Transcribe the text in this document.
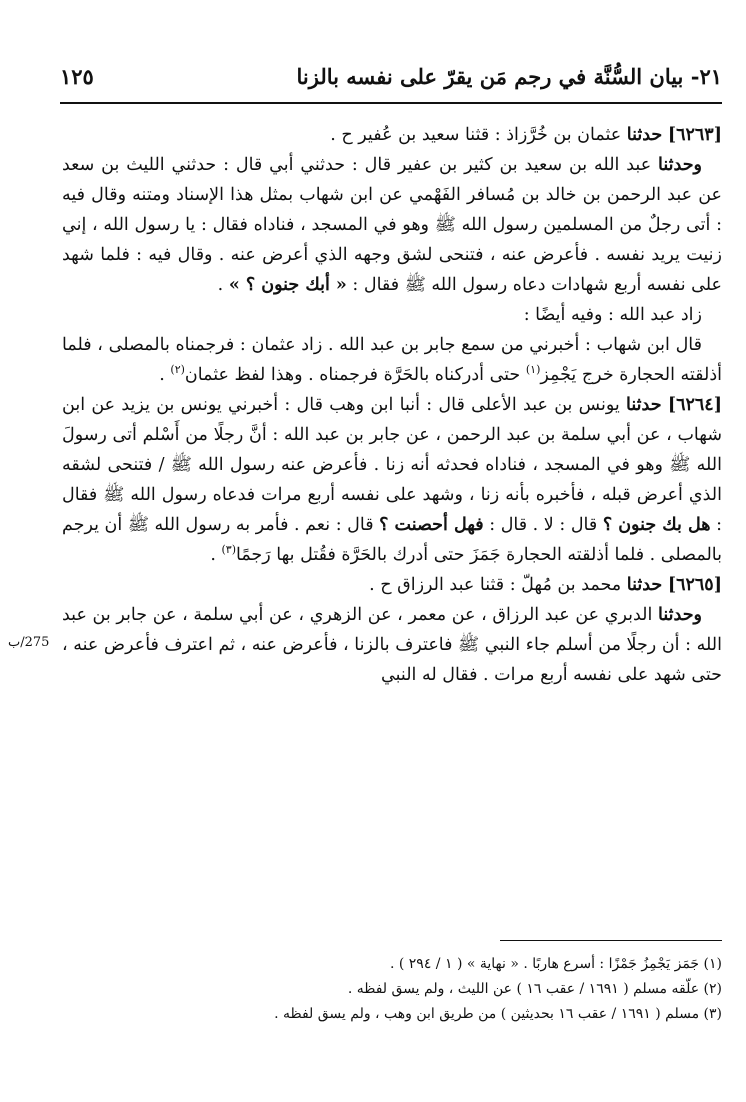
٢١- بيان السُّنَّة في رجم مَن يقرّ على نفسه بالزنا
١٢٥
275/ب

[٦٢٦٣] حدثنا عثمان بن خُرَّزاذ : قثنا سعيد بن عُفير ح .

وحدثنا عبد الله بن سعيد بن كثير بن عفير قال : حدثني أبي قال : حدثني الليث بن سعد عن عبد الرحمن بن خالد بن مُسافر الفَهْمي عن ابن شهاب بمثل هذا الإسناد ومتنه وقال فيه : أتى رجلٌ من المسلمين رسول الله ﷺ وهو في المسجد ، فناداه فقال : يا رسول الله ، إني زنيت يريد نفسه . فأعرض عنه ، فتنحى لشق وجهه الذي أعرض عنه . وقال فيه : فلما شهد على نفسه أربع شهادات دعاه رسول الله ﷺ فقال : « أبك جنون ؟ » .

زاد عبد الله : وفيه أيضًا :

قال ابن شهاب : أخبرني من سمع جابر بن عبد الله . زاد عثمان : فرجمناه بالمصلى ، فلما أذلقته الحجارة خرج يَجْمِز$^{(١)}$ حتى أدركناه بالحَرَّة فرجمناه . وهذا لفظ عثمان$^{(٢)}$ .

[٦٢٦٤] حدثنا يونس بن عبد الأعلى قال : أنبا ابن وهب قال : أخبرني يونس بن يزيد عن ابن شهاب ، عن أبي سلمة بن عبد الرحمن ، عن جابر بن عبد الله : أنَّ رجلًا من أَسْلم أتى رسولَ الله ﷺ وهو في المسجد ، فناداه فحدثه أنه زنا . فأعرض عنه رسول الله ﷺ / فتنحى لشقه الذي أعرض قبله ، فأخبره بأنه زنا ، وشهد على نفسه أربع مرات فدعاه رسول الله ﷺ فقال : هل بك جنون ؟ قال : لا . قال : فهل أحصنت ؟ قال : نعم . فأمر به رسول الله ﷺ أن يرجم بالمصلى . فلما أذلقته الحجارة جَمَزَ حتى أدرك بالحَرَّة فقُتل بها رَجمًا$^{(٣)}$ .

[٦٢٦٥] حدثنا محمد بن مُهلّ : قثنا عبد الرزاق ح .

وحدثنا الدبري عن عبد الرزاق ، عن معمر ، عن الزهري ، عن أبي سلمة ، عن جابر بن عبد الله : أن رجلًا من أسلم جاء النبي ﷺ فاعترف بالزنا ، فأعرض عنه ، ثم اعترف فأعرض عنه ، حتى شهد على نفسه أربع مرات . فقال له النبي

(١) جَمَز يَجْمِزُ جَمْزًا : أسرع هاربًا . « نهاية » ( ١ / ٢٩٤ ) .

(٢) علّقه مسلم ( ١٦٩١ / عقب ١٦ ) عن الليث ، ولم يسق لفظه .

(٣) مسلم ( ١٦٩١ / عقب ١٦ بحديثين ) من طريق ابن وهب ، ولم يسق لفظه .
